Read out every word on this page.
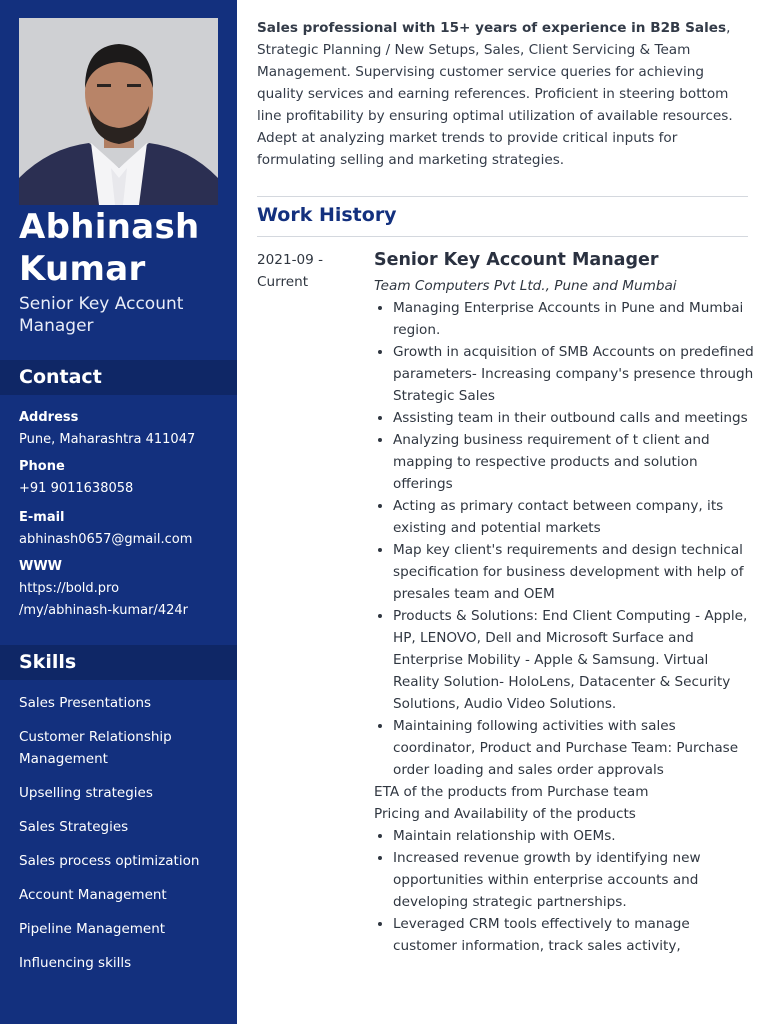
Abhinash
Kumar
Senior Key Account Manager
Contact
Address
Pune, Maharashtra 411047
Phone
+91 9011638058
E-mail
abhinash0657@gmail.com
WWW
https://bold.pro
/my/abhinash-kumar/424r
Skills
Sales Presentations
Customer Relationship Management
Upselling strategies
Sales Strategies
Sales process optimization
Account Management
Pipeline Management
Influencing skills
Sales professional with 15+ years of experience in B2B Sales, Strategic Planning / New Setups, Sales, Client Servicing & Team Management. Supervising customer service queries for achieving quality services and earning references. Proficient in steering bottom line profitability by ensuring optimal utilization of available resources. Adept at analyzing market trends to provide critical inputs for formulating selling and marketing strategies.
Work History
2021-09 -
Current
Senior Key Account Manager
Team Computers Pvt Ltd., Pune and Mumbai
• Managing Enterprise Accounts in Pune and Mumbai region.
• Growth in acquisition of SMB Accounts on predefined parameters- Increasing company's presence through Strategic Sales
• Assisting team in their outbound calls and meetings
• Analyzing business requirement of t client and mapping to respective products and solution offerings
• Acting as primary contact between company, its existing and potential markets
• Map key client's requirements and design technical specification for business development with help of presales team and OEM
• Products & Solutions: End Client Computing - Apple, HP, LENOVO, Dell and Microsoft Surface and Enterprise Mobility - Apple & Samsung. Virtual Reality Solution- HoloLens, Datacenter & Security Solutions, Audio Video Solutions.
• Maintaining following activities with sales coordinator, Product and Purchase Team: Purchase order loading and sales order approvals
ETA of the products from Purchase team
Pricing and Availability of the products
• Maintain relationship with OEMs.
• Increased revenue growth by identifying new opportunities within enterprise accounts and developing strategic partnerships.
• Leveraged CRM tools effectively to manage customer information, track sales activity,
